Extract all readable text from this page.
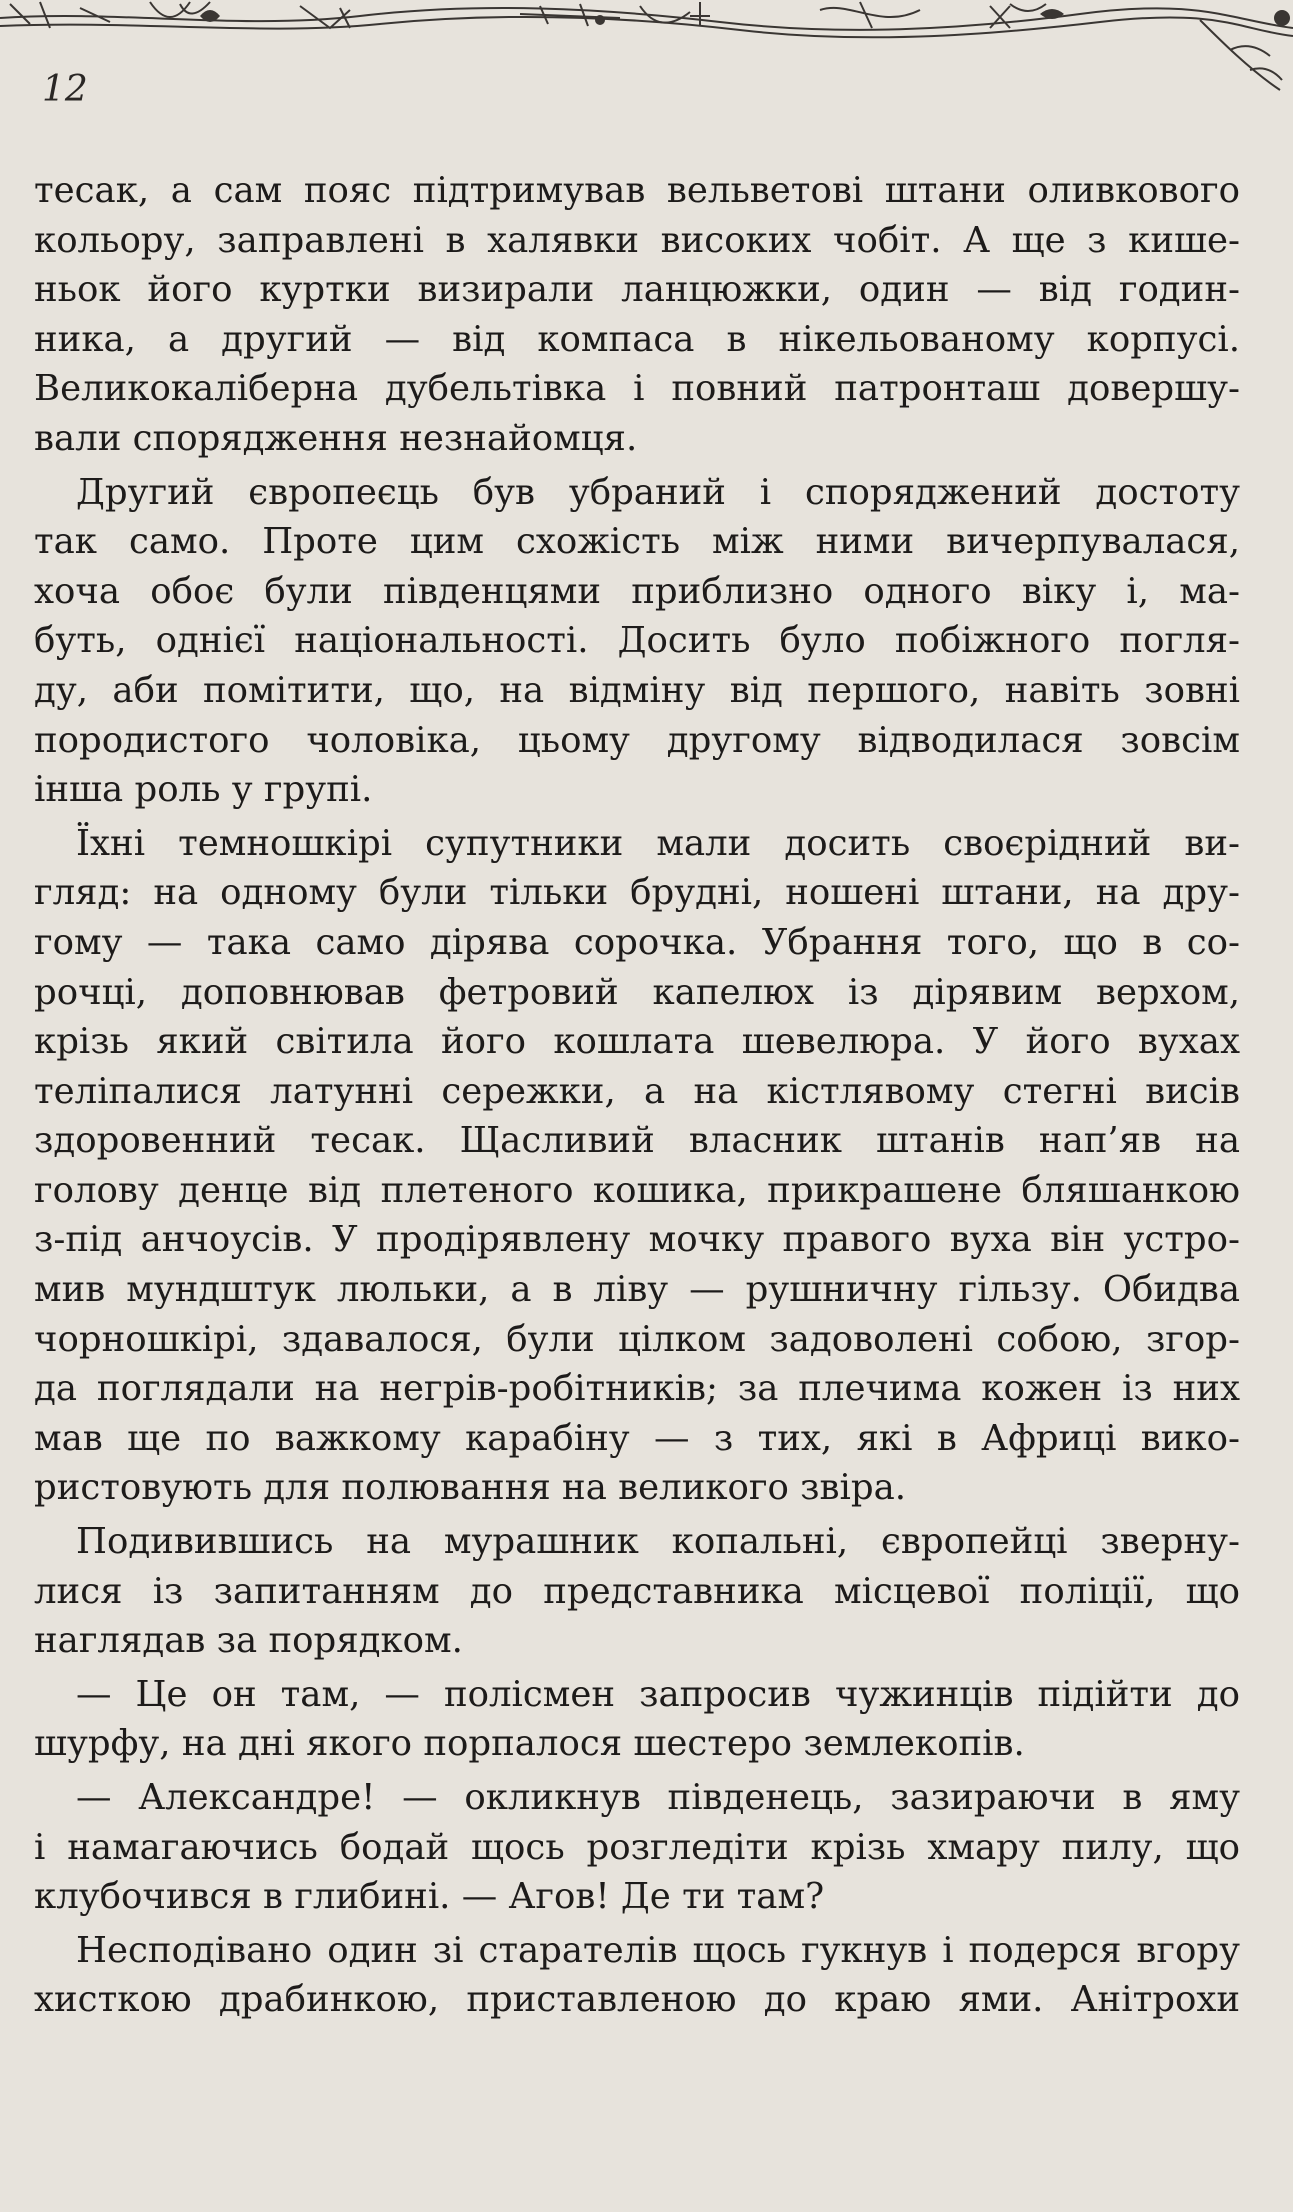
12

тесак, а сам пояс підтримував вельветові штани оливкового
кольору, заправлені в халявки високих чобіт. А ще з кише-
ньок його куртки визирали ланцюжки, один — від годин-
ника, а другий — від компаса в нікельованому корпусі.
Великокаліберна дубельтівка і повний патронташ довершу-
вали спорядження незнайомця.

Другий європеєць був убраний і споряджений достоту
так само. Проте цим схожість між ними вичерпувалася,
хоча обоє були південцями приблизно одного віку і, ма-
буть, однієї національності. Досить було побіжного погля-
ду, аби помітити, що, на відміну від першого, навіть зовні
породистого чоловіка, цьому другому відводилася зовсім
інша роль у групі.

Їхні темношкірі супутники мали досить своєрідний ви-
гляд: на одному були тільки брудні, ношені штани, на дру-
гому — така само дірява сорочка. Убрання того, що в со-
рочці, доповнював фетровий капелюх із дірявим верхом,
крізь який світила його кошлата шевелюра. У його вухах
теліпалися латунні сережки, а на кістлявому стегні висів
здоровенний тесак. Щасливий власник штанів нап’яв на
голову денце від плетеного кошика, прикрашене бляшанкою
з-під анчоусів. У продірявлену мочку правого вуха він устро-
мив мундштук люльки, а в ліву — рушничну гільзу. Обидва
чорношкірі, здавалося, були цілком задоволені собою, згор-
да поглядали на негрів-робітників; за плечима кожен із них
мав ще по важкому карабіну — з тих, які в Африці вико-
ристовують для полювання на великого звіра.

Подивившись на мурашник копальні, європейці зверну-
лися із запитанням до представника місцевої поліції, що
наглядав за порядком.

— Це он там, — полісмен запросив чужинців підійти до
шурфу, на дні якого порпалося шестеро землекопів.

— Александре! — окликнув південець, зазираючи в яму
і намагаючись бодай щось розгледіти крізь хмару пилу, що
клубочився в глибині. — Агов! Де ти там?

Несподівано один зі старателів щось гукнув і подерся вгору
хисткою драбинкою, приставленою до краю ями. Анітрохи
